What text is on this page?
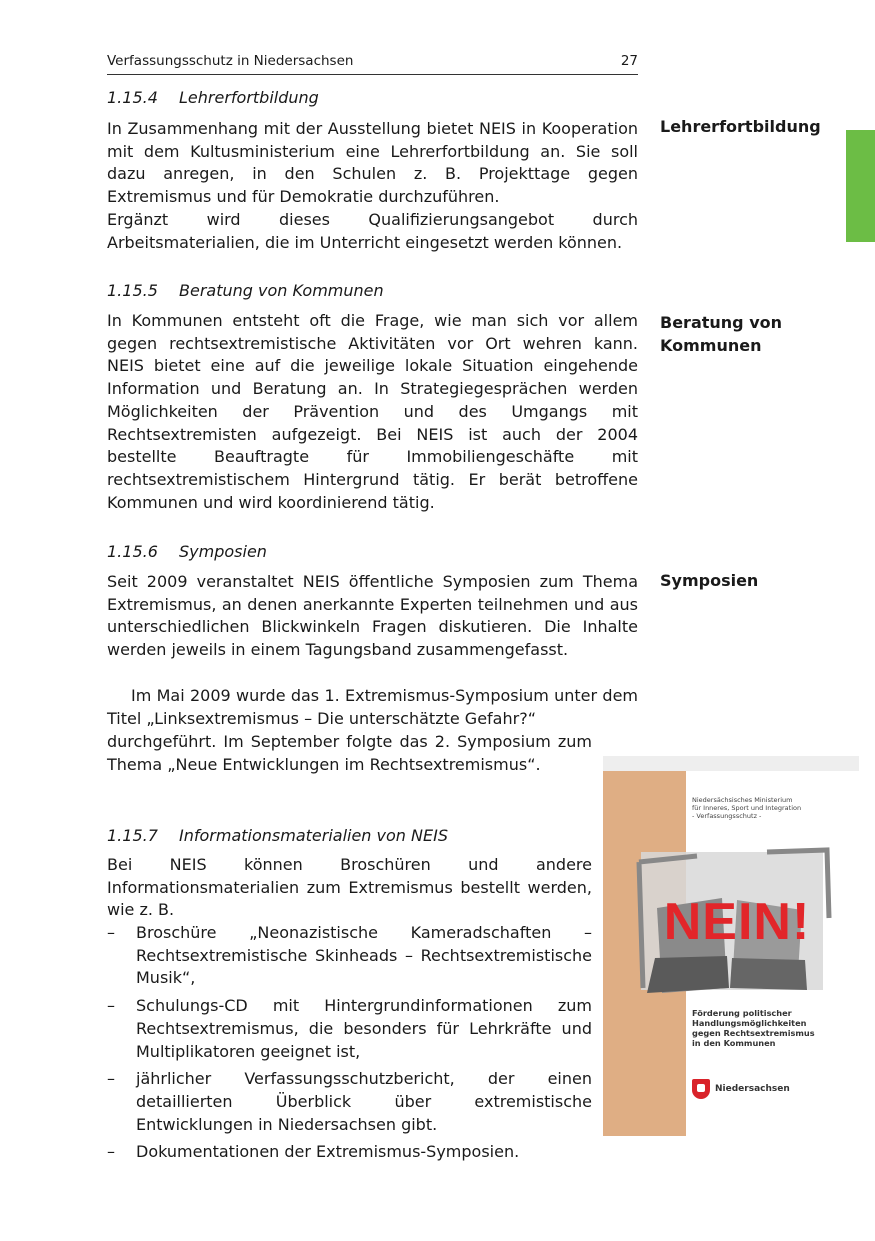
Verfassungsschutz in Niedersachsen	27
1.15.4 Lehrerfortbildung
Lehrerfortbildung

In Zusammenhang mit der Ausstellung bietet NEIS in Kooperation mit dem Kultusministerium eine Lehrerfortbildung an. Sie soll dazu anregen, in den Schulen z. B. Projekttage gegen Extremismus und für Demokratie durchzuführen.

Ergänzt wird dieses Qualifizierungsangebot durch Arbeitsmaterialien, die im Unterricht eingesetzt werden können.

1.15.5 Beratung von Kommunen
Beratung von
Kommunen

In Kommunen entsteht oft die Frage, wie man sich vor allem gegen rechtsextremistische Aktivitäten vor Ort wehren kann. NEIS bietet eine auf die jeweilige lokale Situation eingehende Information und Beratung an. In Strategiegesprächen werden Möglichkeiten der Prävention und des Umgangs mit Rechtsextremisten aufgezeigt. Bei NEIS ist auch der 2004 bestellte Beauftragte für Immobiliengeschäfte mit rechtsextremistischem Hintergrund tätig. Er berät betroffene Kommunen und wird koordinierend tätig.

1.15.6 Symposien
Symposien

Seit 2009 veranstaltet NEIS öffentliche Symposien zum Thema Extremismus, an denen anerkannte Experten teilnehmen und aus unterschiedlichen Blickwinkeln Fragen diskutieren. Die Inhalte werden jeweils in einem Tagungsband zusammengefasst.

Im Mai 2009 wurde das 1. Extremismus-Symposium unter dem Titel „Linksextremismus – Die unterschätzte Gefahr?“

durchgeführt. Im September folgte das 2. Symposium zum Thema „Neue Entwicklungen im Rechtsextremismus“.

1.15.7 Informationsmaterialien von NEIS

Bei NEIS können Broschüren und andere Informationsmaterialien zum Extremismus bestellt werden, wie z. B.

– Broschüre „Neonazistische Kameradschaften – Rechtsextremistische Skinheads – Rechtsextremistische Musik“,
– Schulungs-CD mit Hintergrundinformationen zum Rechtsextremismus, die besonders für Lehrkräfte und Multiplikatoren geeignet ist,
– jährlicher Verfassungsschutzbericht, der einen detaillierten Überblick über extremistische Entwicklungen in Niedersachsen gibt.
– Dokumentationen der Extremismus-Symposien.
Niedersächsisches Ministerium
für Inneres, Sport und Integration
- Verfassungsschutz -
NEIN!
Förderung politischer
Handlungsmöglichkeiten
gegen Rechtsextremismus
in den Kommunen
Niedersachsen
